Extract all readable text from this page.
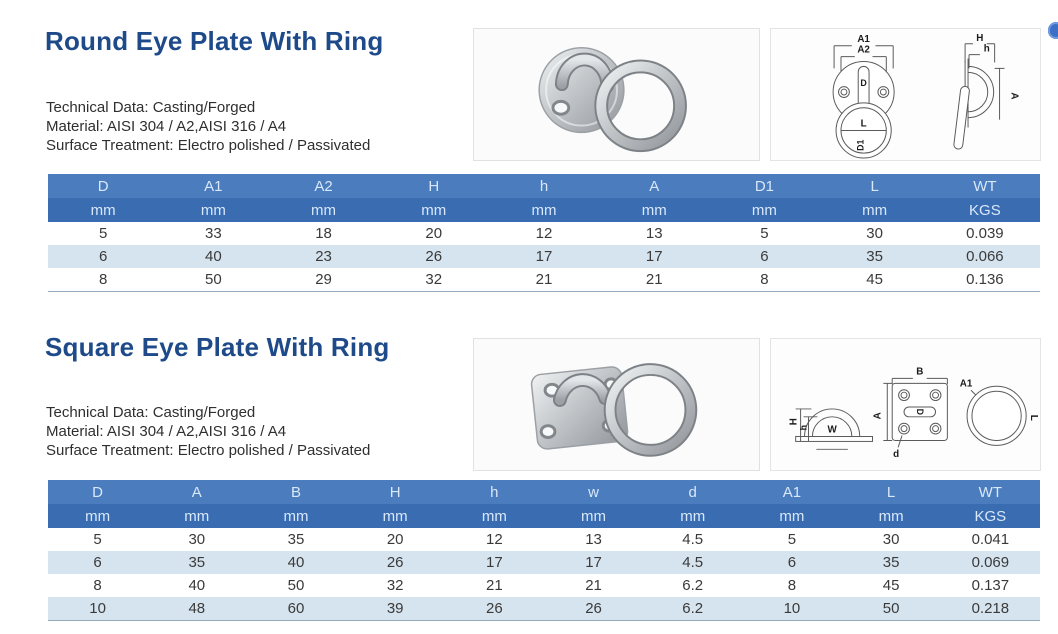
Round Eye Plate With Ring
Technical Data: Casting/Forged
Material: AISI 304 / A2,AISI 316 / A4
Surface Treatment: Electro polished / Passivated
A1
A2
D
L
D1
H
h
A
D	A1	A2	H	h	A	D1	L	WT
mm	mm	mm	mm	mm	mm	mm	mm	KGS
5	33	18	20	12	13	5	30	0.039
6	40	23	26	17	17	6	35	0.066
8	50	29	32	21	21	8	45	0.136
Square Eye Plate With Ring
Technical Data: Casting/Forged
Material: AISI 304 / A2,AISI 316 / A4
Surface Treatment: Electro polished / Passivated
W
H
h
B
A
D
d
A1
L
D	A	B	H	h	w	d	A1	L	WT
mm	mm	mm	mm	mm	mm	mm	mm	mm	KGS
5	30	35	20	12	13	4.5	5	30	0.041
6	35	40	26	17	17	4.5	6	35	0.069
8	40	50	32	21	21	6.2	8	45	0.137
10	48	60	39	26	26	6.2	10	50	0.218
